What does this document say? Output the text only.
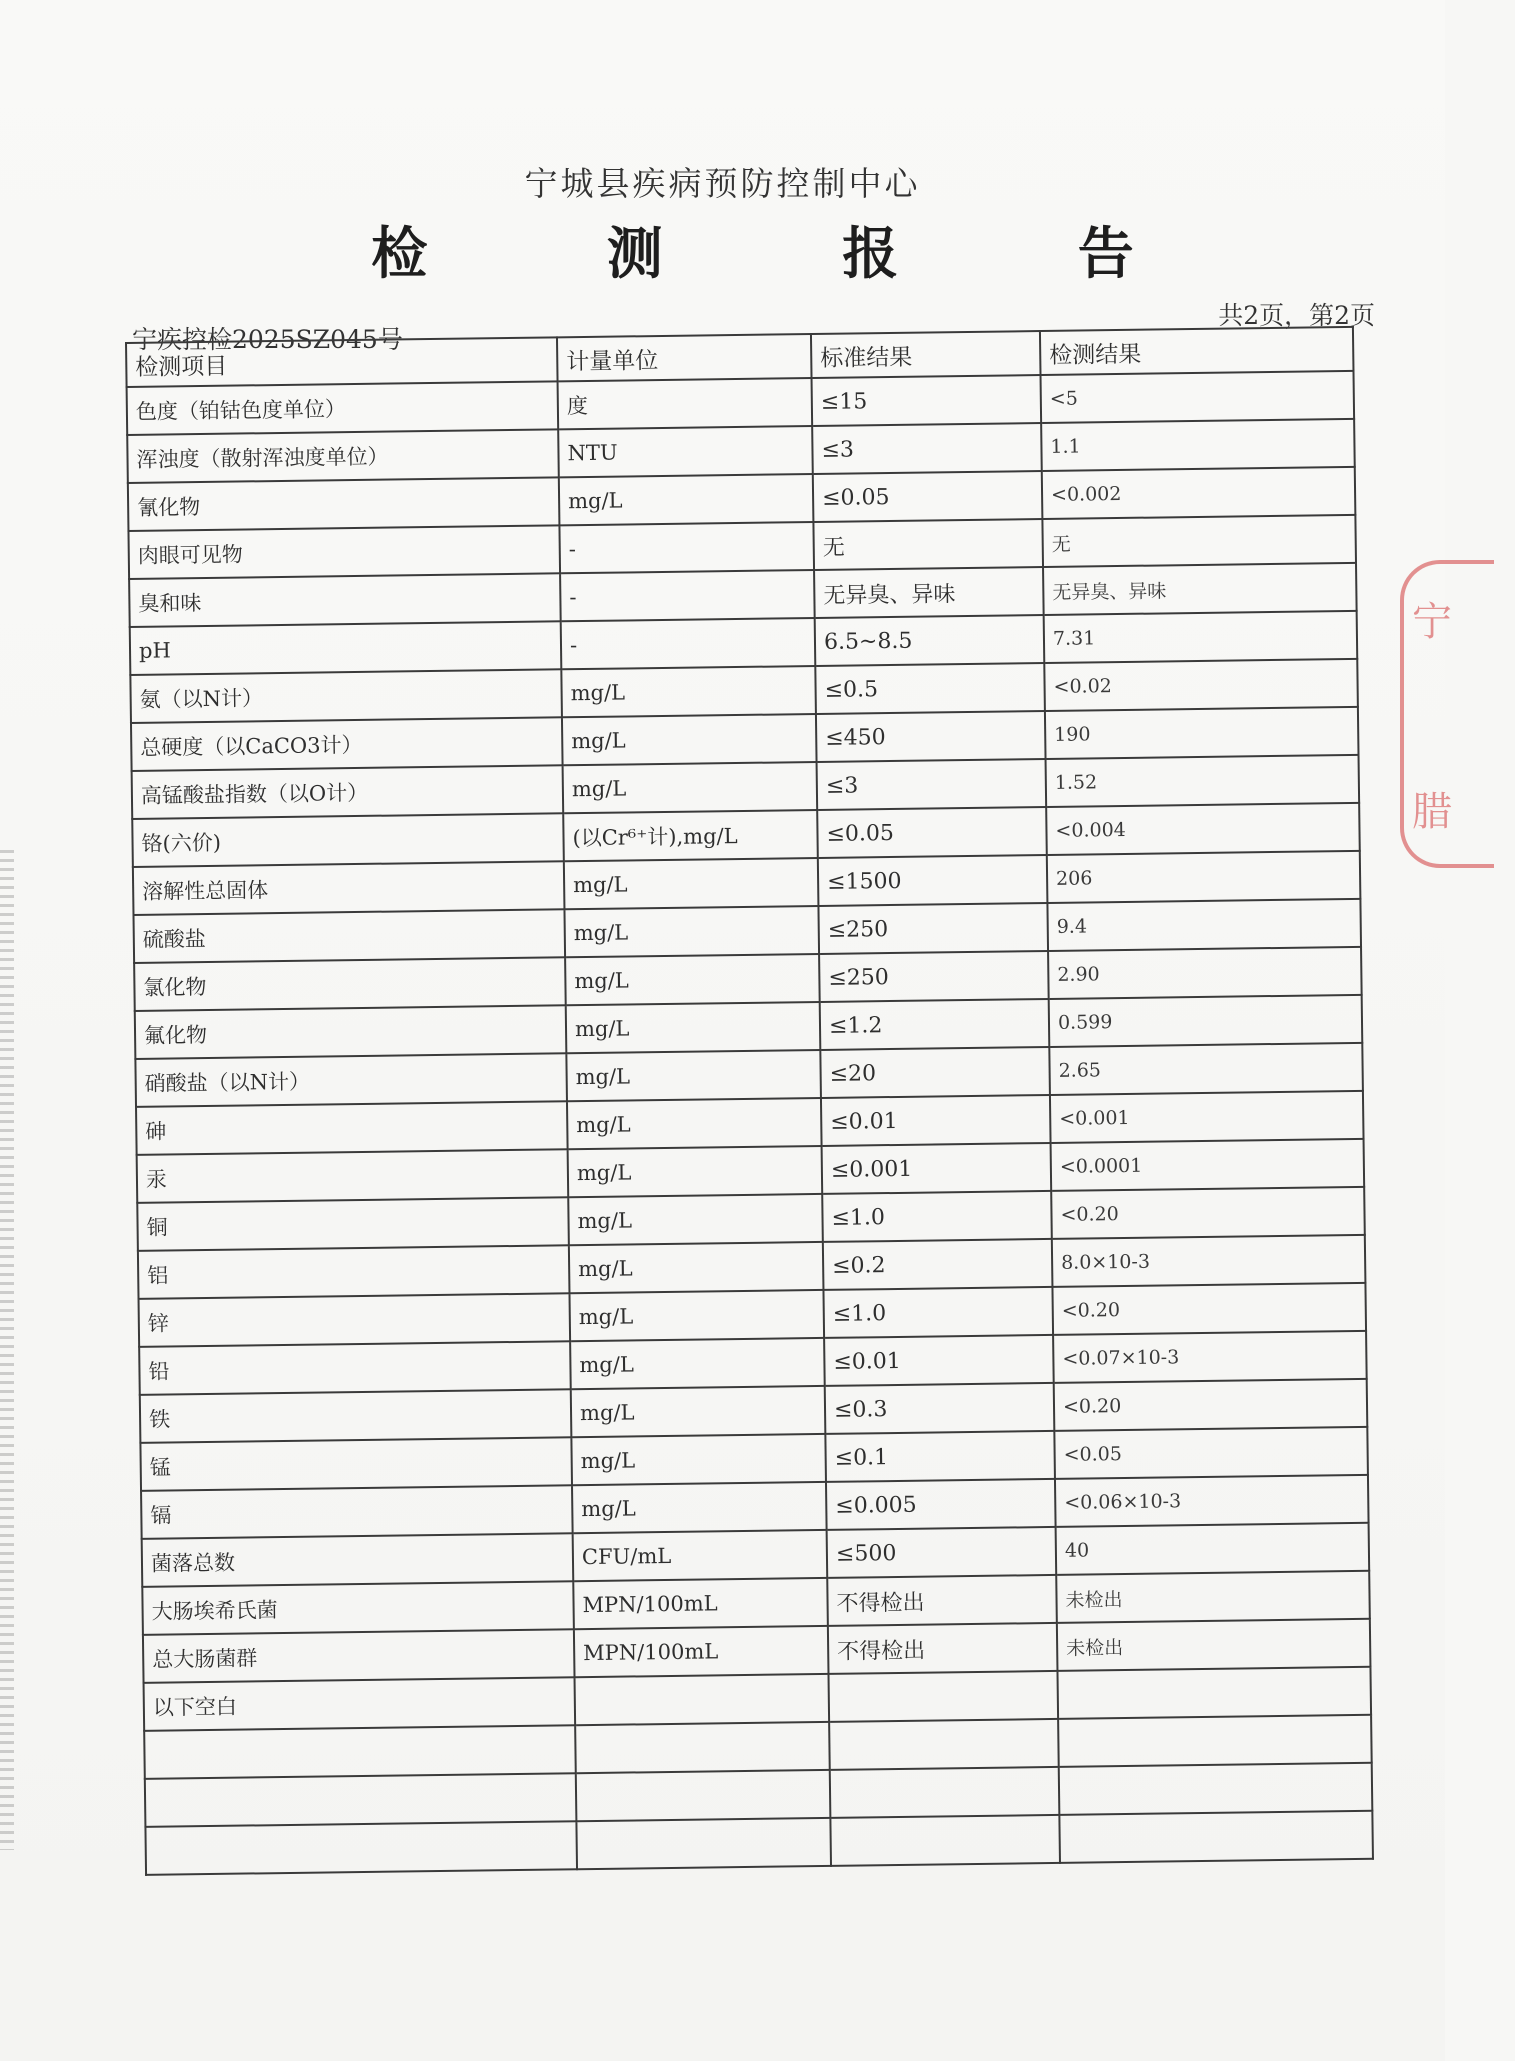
宁城县疾病预防控制中心
检 测 报 告
共2页，第2页
宁疾控检2025SZ045号
检测项目	计量单位	标准结果	检测结果
色度（铂钴色度单位）	度	≤15	<5
浑浊度（散射浑浊度单位）	NTU	≤3	1.1
氰化物	mg/L	≤0.05	<0.002
肉眼可见物	-	无	无
臭和味	-	无异臭、异味	无异臭、异味
pH	-	6.5~8.5	7.31
氨（以N计）	mg/L	≤0.5	<0.02
总硬度（以CaCO3计）	mg/L	≤450	190
高锰酸盐指数（以O计）	mg/L	≤3	1.52
铬(六价)	(以Cr⁶⁺计),mg/L	≤0.05	<0.004
溶解性总固体	mg/L	≤1500	206
硫酸盐	mg/L	≤250	9.4
氯化物	mg/L	≤250	2.90
氟化物	mg/L	≤1.2	0.599
硝酸盐（以N计）	mg/L	≤20	2.65
砷	mg/L	≤0.01	<0.001
汞	mg/L	≤0.001	<0.0001
铜	mg/L	≤1.0	<0.20
铝	mg/L	≤0.2	8.0×10-3
锌	mg/L	≤1.0	<0.20
铅	mg/L	≤0.01	<0.07×10-3
铁	mg/L	≤0.3	<0.20
锰	mg/L	≤0.1	<0.05
镉	mg/L	≤0.005	<0.06×10-3
菌落总数	CFU/mL	≤500	40
大肠埃希氏菌	MPN/100mL	不得检出	未检出
总大肠菌群	MPN/100mL	不得检出	未检出
以下空白			

宁
腊
